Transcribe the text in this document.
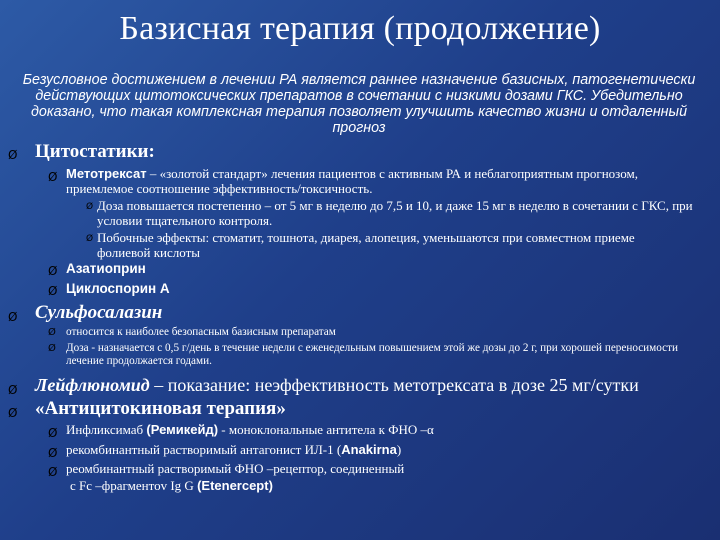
Базисная терапия (продолжение)
Безусловное достижением в лечении РА является раннее назначение базисных, патогенетически действующих цитотоксических препаратов в сочетании с низкими дозами ГКС. Убедительно доказано, что такая комплексная терапия позволяет улучшить качество жизни и отдаленный прогноз
Ø Цитостатики:
Ø Метотрексат – «золотой стандарт» лечения пациентов с активным РА и неблагоприятным прогнозом, приемлемое соотношение эффективность/токсичность.
Ø Доза повышается постепенно – от 5 мг в неделю до 7,5 и 10, и даже 15 мг в неделю в сочетании с ГКС, при условии тщательного контроля.
Ø Побочные эффекты: стоматит, тошнота, диарея, алопеция, уменьшаются при совместном приеме фолиевой кислоты
Ø Азатиоприн
Ø Циклоспорин А
Ø Сульфосалазин
Ø относится к наиболее безопасным базисным препаратам
Ø Доза - назначается с 0,5 г/день в течение недели с еженедельным повышением этой же дозы до 2 г, при хорошей переносимости лечение продолжается годами.
Ø Лейфлюномид – показание: неэффективность метотрексата в дозе 25 мг/сутки
Ø «Антицитокиновая терапия»
Ø Инфликсимаб (Ремикейд) - моноклональные антитела к ФНО –α
Ø рекомбинантный растворимый антагонист ИЛ-1 (Anakirna)
Ø реомбинантный растворимый ФНО –рецептор, соединенный
с Fc –фрагментоv Ig G (Etenercept)
